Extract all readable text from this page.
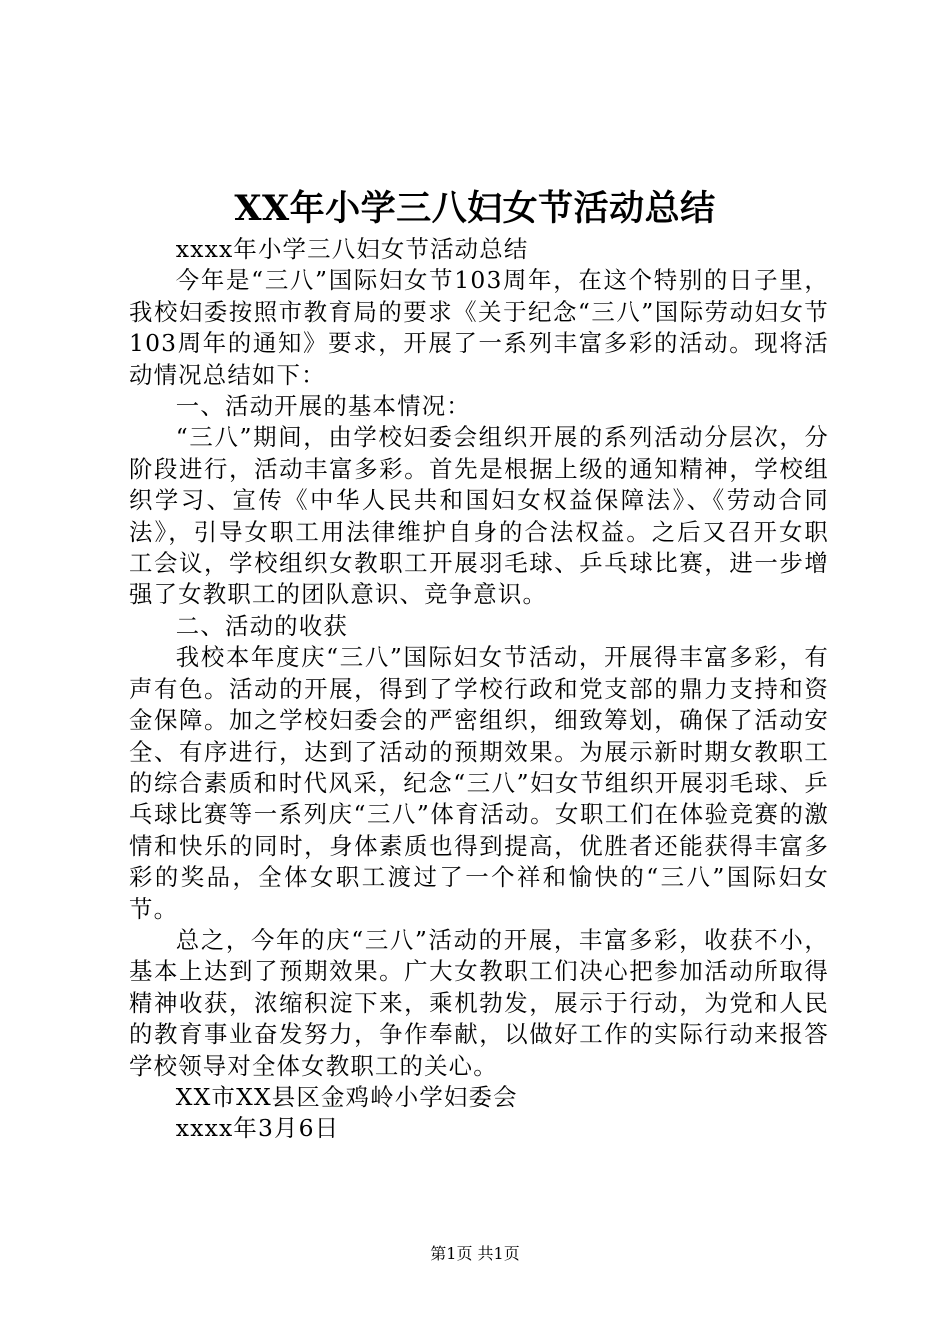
XX年小学三八妇女节活动总结

xxxx年小学三八妇女节活动总结

今年是“三八”国际妇女节103周年，在这个特别的日子里，我校妇委按照市教育局的要求《关于纪念“三八”国际劳动妇女节103周年的通知》要求，开展了一系列丰富多彩的活动。现将活动情况总结如下：

一、活动开展的基本情况：

“三八”期间，由学校妇委会组织开展的系列活动分层次，分阶段进行，活动丰富多彩。首先是根据上级的通知精神，学校组织学习、宣传《中华人民共和国妇女权益保障法》、《劳动合同法》，引导女职工用法律维护自身的合法权益。之后又召开女职工会议，学校组织女教职工开展羽毛球、乒乓球比赛，进一步增强了女教职工的团队意识、竞争意识。

二、活动的收获

我校本年度庆“三八”国际妇女节活动，开展得丰富多彩，有声有色。活动的开展，得到了学校行政和党支部的鼎力支持和资金保障。加之学校妇委会的严密组织，细致筹划，确保了活动安全、有序进行，达到了活动的预期效果。为展示新时期女教职工的综合素质和时代风采，纪念“三八”妇女节组织开展羽毛球、乒乓球比赛等一系列庆“三八”体育活动。女职工们在体验竞赛的激情和快乐的同时，身体素质也得到提高，优胜者还能获得丰富多彩的奖品，全体女职工渡过了一个祥和愉快的“三八”国际妇女节。

总之，今年的庆“三八”活动的开展，丰富多彩，收获不小，基本上达到了预期效果。广大女教职工们决心把参加活动所取得精神收获，浓缩积淀下来，乘机勃发，展示于行动，为党和人民的教育事业奋发努力，争作奉献，以做好工作的实际行动来报答学校领导对全体女教职工的关心。

XX市XX县区金鸡岭小学妇委会

xxxx年3月6日

第1页 共1页
